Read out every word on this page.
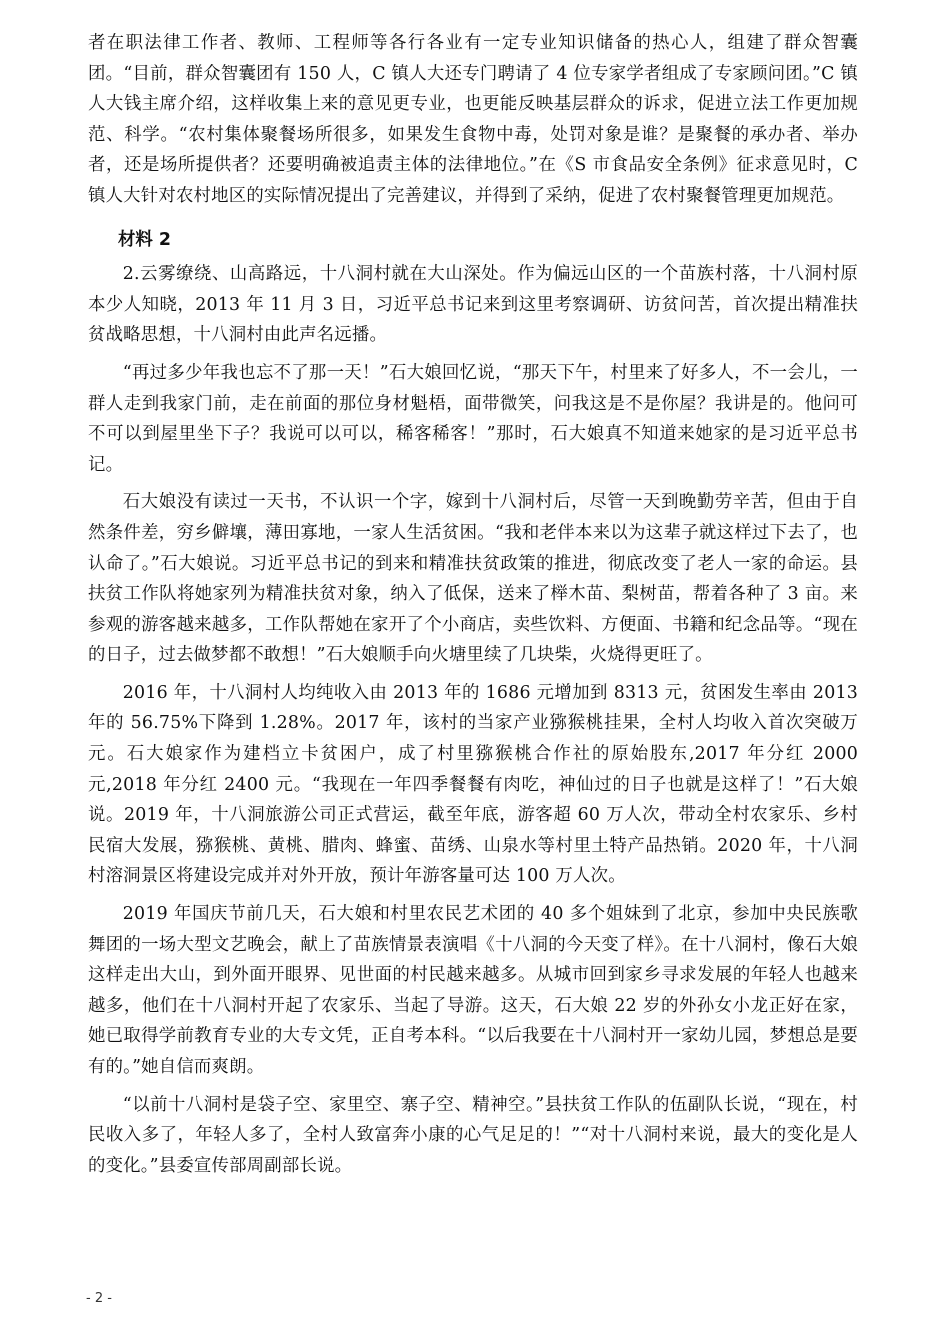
者在职法律工作者、教师、工程师等各行各业有一定专业知识储备的热心人，组建了群众智囊团。“目前，群众智囊团有 150 人，C 镇人大还专门聘请了 4 位专家学者组成了专家顾问团。”C 镇人大钱主席介绍，这样收集上来的意见更专业，也更能反映基层群众的诉求，促进立法工作更加规范、科学。“农村集体聚餐场所很多，如果发生食物中毒，处罚对象是谁？是聚餐的承办者、举办者，还是场所提供者？还要明确被追责主体的法律地位。”在《S 市食品安全条例》征求意见时，C 镇人大针对农村地区的实际情况提出了完善建议，并得到了采纳，促进了农村聚餐管理更加规范。

材料 2

2.云雾缭绕、山高路远，十八洞村就在大山深处。作为偏远山区的一个苗族村落，十八洞村原本少人知晓，2013 年 11 月 3 日，习近平总书记来到这里考察调研、访贫问苦，首次提出精准扶贫战略思想，十八洞村由此声名远播。

“再过多少年我也忘不了那一天！”石大娘回忆说，“那天下午，村里来了好多人，不一会儿，一群人走到我家门前，走在前面的那位身材魁梧，面带微笑，问我这是不是你屋？我讲是的。他问可不可以到屋里坐下子？我说可以可以，稀客稀客！”那时，石大娘真不知道来她家的是习近平总书记。

石大娘没有读过一天书，不认识一个字，嫁到十八洞村后，尽管一天到晚勤劳辛苦，但由于自然条件差，穷乡僻壤，薄田寡地，一家人生活贫困。“我和老伴本来以为这辈子就这样过下去了，也认命了。”石大娘说。习近平总书记的到来和精准扶贫政策的推进，彻底改变了老人一家的命运。县扶贫工作队将她家列为精准扶贫对象，纳入了低保，送来了榉木苗、梨树苗，帮着各种了 3 亩。来参观的游客越来越多，工作队帮她在家开了个小商店，卖些饮料、方便面、书籍和纪念品等。“现在的日子，过去做梦都不敢想！”石大娘顺手向火塘里续了几块柴，火烧得更旺了。

2016 年，十八洞村人均纯收入由 2013 年的 1686 元增加到 8313 元，贫困发生率由 2013 年的 56.75%下降到 1.28%。2017 年，该村的当家产业猕猴桃挂果，全村人均收入首次突破万元。石大娘家作为建档立卡贫困户，成了村里猕猴桃合作社的原始股东,2017 年分红 2000 元,2018 年分红 2400 元。“我现在一年四季餐餐有肉吃，神仙过的日子也就是这样了！”石大娘说。2019 年，十八洞旅游公司正式营运，截至年底，游客超 60 万人次，带动全村农家乐、乡村民宿大发展，猕猴桃、黄桃、腊肉、蜂蜜、苗绣、山泉水等村里土特产品热销。2020 年，十八洞村溶洞景区将建设完成并对外开放，预计年游客量可达 100 万人次。

2019 年国庆节前几天，石大娘和村里农民艺术团的 40 多个姐妹到了北京，参加中央民族歌舞团的一场大型文艺晚会，献上了苗族情景表演唱《十八洞的今天变了样》。在十八洞村，像石大娘这样走出大山，到外面开眼界、见世面的村民越来越多。从城市回到家乡寻求发展的年轻人也越来越多，他们在十八洞村开起了农家乐、当起了导游。这天，石大娘 22 岁的外孙女小龙正好在家，她已取得学前教育专业的大专文凭，正自考本科。“以后我要在十八洞村开一家幼儿园，梦想总是要有的。”她自信而爽朗。

“以前十八洞村是袋子空、家里空、寨子空、精神空。”县扶贫工作队的伍副队长说，“现在，村民收入多了，年轻人多了，全村人致富奔小康的心气足足的！”“对十八洞村来说，最大的变化是人的变化。”县委宣传部周副部长说。

- 2 -
